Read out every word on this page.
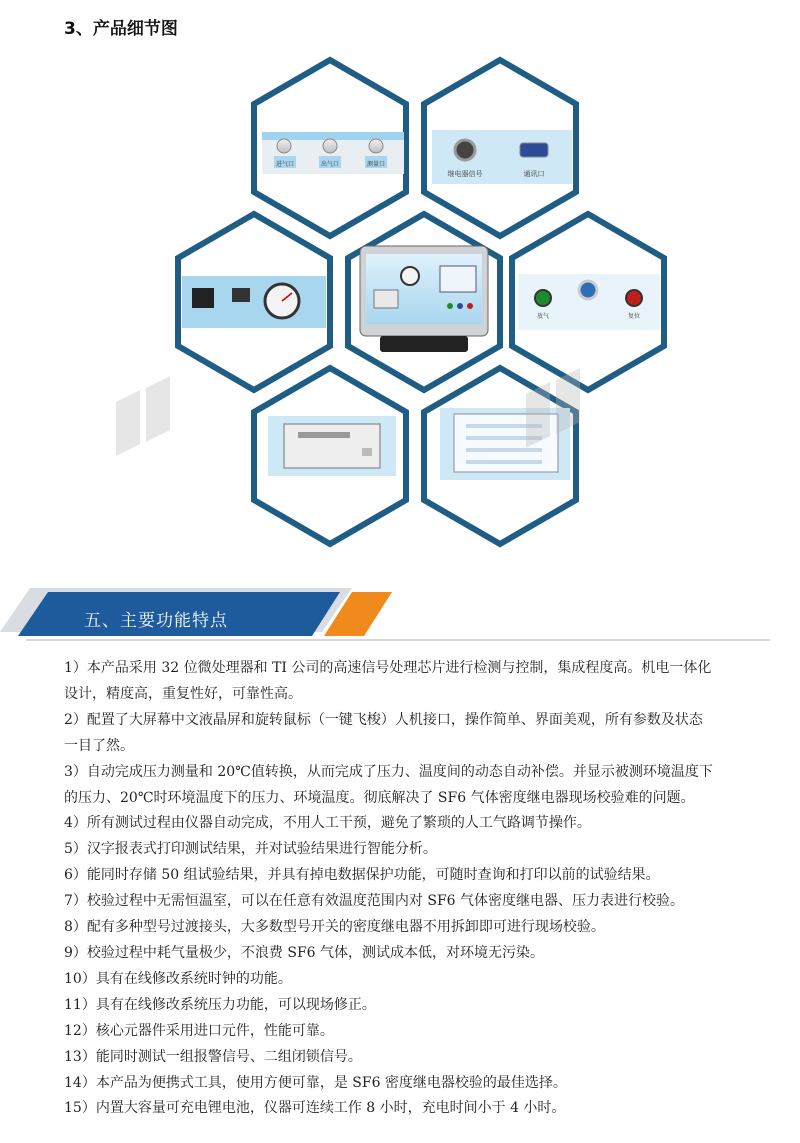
3、产品细节图
进气口	出气口	测量口
继电器信号	通讯口
放气	复位
五、主要功能特点
1）本产品采用 32 位微处理器和 TI 公司的高速信号处理芯片进行检测与控制，集成程度高。机电一体化
设计，精度高，重复性好，可靠性高。
2）配置了大屏幕中文液晶屏和旋转鼠标（一键飞梭）人机接口，操作简单、界面美观，所有参数及状态
一目了然。
3）自动完成压力测量和 20℃值转换，从而完成了压力、温度间的动态自动补偿。并显示被测环境温度下
的压力、20℃时环境温度下的压力、环境温度。彻底解决了 SF6 气体密度继电器现场校验难的问题。
4）所有测试过程由仪器自动完成，不用人工干预，避免了繁琐的人工气路调节操作。
5）汉字报表式打印测试结果，并对试验结果进行智能分析。
6）能同时存储 50 组试验结果，并具有掉电数据保护功能，可随时查询和打印以前的试验结果。
7）校验过程中无需恒温室，可以在任意有效温度范围内对 SF6 气体密度继电器、压力表进行校验。
8）配有多种型号过渡接头，大多数型号开关的密度继电器不用拆卸即可进行现场校验。
9）校验过程中耗气量极少，不浪费 SF6 气体，测试成本低，对环境无污染。
10）具有在线修改系统时钟的功能。
11）具有在线修改系统压力功能，可以现场修正。
12）核心元器件采用进口元件，性能可靠。
13）能同时测试一组报警信号、二组闭锁信号。
14）本产品为便携式工具，使用方便可靠，是 SF6 密度继电器校验的最佳选择。
15）内置大容量可充电锂电池，仪器可连续工作 8 小时，充电时间小于 4 小时。
